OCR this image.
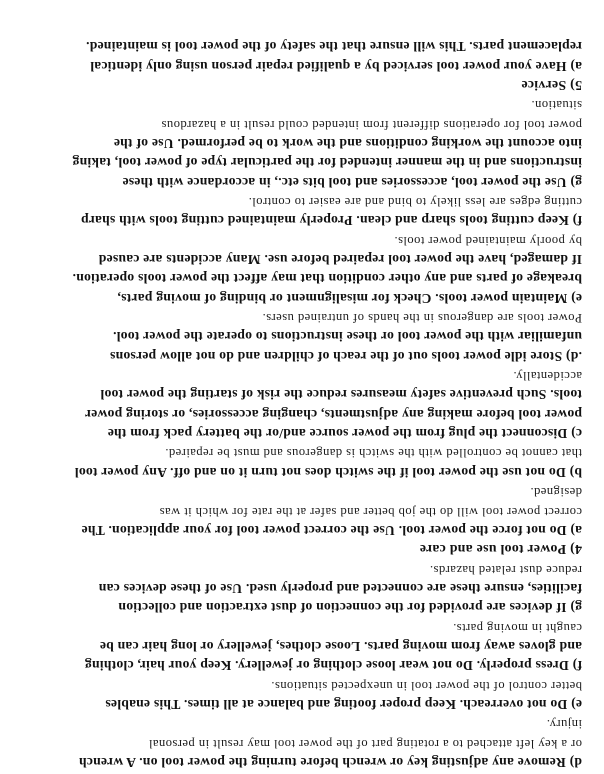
d) Remove any adjusting key or wrench before turning the power tool on. A wrench
or a key left attached to a rotating part of the power tool may result in personal
injury.
e) Do not overreach. Keep proper footing and balance at all times. This enables
better control of the power tool in unexpected situations.
f) Dress properly. Do not wear loose clothing or jewellery. Keep your hair, clothing
and gloves away from moving parts. Loose clothes, jewellery or long hair can be
caught in moving parts.
g) If devices are provided for the connection of dust extraction and collection
facilities, ensure these are connected and properly used. Use of these devices can
reduce dust related hazards.
4) Power tool use and care
a) Do not force the power tool. Use the correct power tool for your application. The
correct power tool will do the job better and safer at the rate for which it was
designed.
b) Do not use the power tool if the switch does not turn it on and off. Any power tool
that cannot be controlled with the switch is dangerous and must be repaired.
c) Disconnect the plug from the power source and/or the battery pack from the
power tool before making any adjustments, changing accessories, or storing power
tools. Such preventive safety measures reduce the risk of starting the power tool
accidentally.
.d) Store idle power tools out of the reach of children and do not allow persons
unfamiliar with the power tool or these instructions to operate the power tool.
Power tools are dangerous in the hands of untrained users.
e) Maintain power tools. Check for misalignment or binding of moving parts,
breakage of parts and any other condition that may affect the power tools operation.
If damaged, have the power tool repaired before use. Many accidents are caused
by poorly maintained power tools.
f) Keep cutting tools sharp and clean. Properly maintained cutting tools with sharp
cutting edges are less likely to bind and are easier to control.
g) Use the power tool, accessories and tool bits etc., in accordance with these
instructions and in the manner intended for the particular type of power tool, taking
into account the working conditions and the work to be performed. Use of the
power tool for operations different from intended could result in a hazardous
situation.
5) Service
a) Have your power tool serviced by a qualified repair person using only identical
replacement parts. This will ensure that the safety of the power tool is maintained.
